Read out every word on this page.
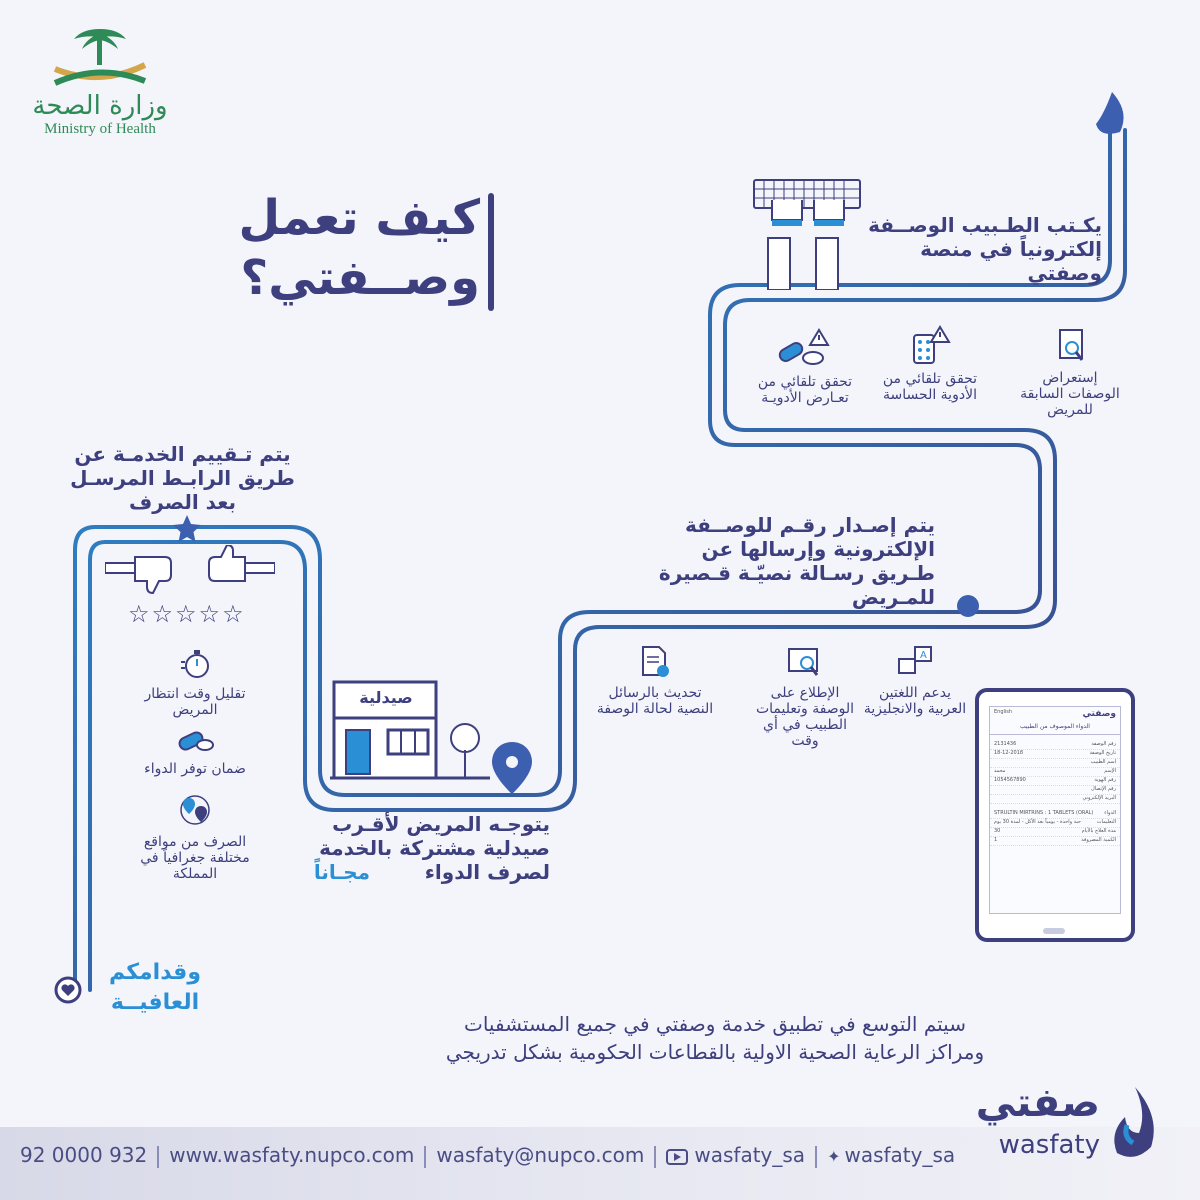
وزارة الصحة
Ministry of Health
كيف تعمل
وصــفتي؟
يكـتب الطـبيب الوصــفة إلكترونياً في منصة وصفتي
إستعراض الوصفات السابقة للمريض
تحقق تلقائي من الأدوية الحساسة
تحقق تلقائي من تعـارض الأدويـة
يتم إصـدار رقـم للوصــفة الإلكترونية وإرسالها عن طـريق رسـالة نصيّـة قـصيرة للمـريض
A
يدعم اللغتين العربية والانجليزية
الإطلاع على الوصفة وتعليمات الطبيب في أي وقت
تحديث بالرسائل النصية لحالة الوصفة	English	وصفتي
الدواء الموصوف من الطبيب
2131436	رقم الوصفة
18-12-2018	تاريخ الوصفة
اسم الطبيب
محمد	الإسم
1054567890	رقم الهوية
رقم الإتصال
البريد الإلكتروني
STRULTIN MIRTRINS : 1 TABLETS (ORAL) الدواء
حبة واحدة - يومياً بعد الأكل - لمدة 30 يوم	التعليمات
30	مدة العلاج بالأيام
1	الكمية المصروفة
صيدلية
يتوجـه المريض لأقـرب صيدلية مشتركة بالخدمة لصرف الدواء
مجـاناً
يتم تـقييم الخدمـة عن طريق الرابـط المرسـل بعد الصرف
☆☆☆☆☆
تقليل وقت انتظار المريض
ضمان توفر الدواء
الصرف من مواقع مختلفة جغرافياً في المملكة
وقدامكم العافيــة
سيتم التوسع في تطبيق خدمة وصفتي في جميع المستشفيات
ومراكز الرعاية الصحية الاولية بالقطاعات الحكومية بشكل تدريجي
92 0000 932 www.wasfaty.nupco.com wasfaty@nupco.com	wasfaty_sa ✦ wasfaty_sa
صفتي
wasfaty
